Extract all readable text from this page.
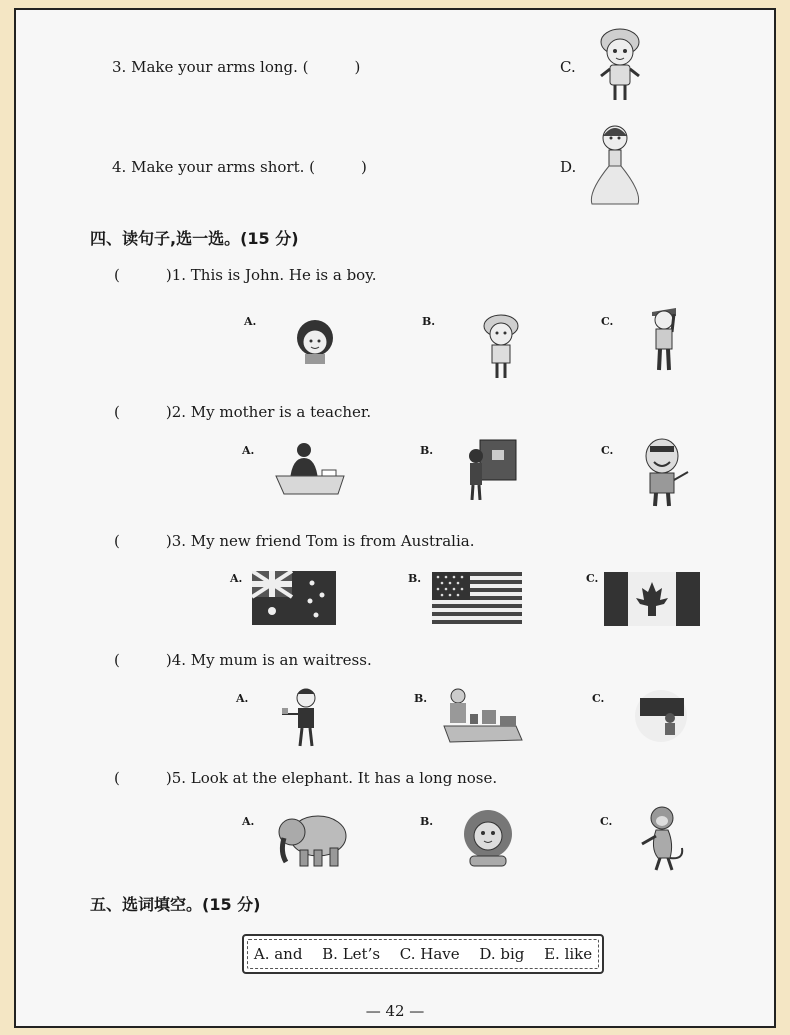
3. Make your arms long. (	)	C.
4. Make your arms short. (	)	D.
四、读句子,选一选。(15 分)
(	)1. This is John. He is a boy.
A.	B.	C.
(	)2. My mother is a teacher.
A.	B.	C.
(	)3. My new friend Tom is from Australia.
A.	B.	C.
(	)4. My mum is an waitress.
A.	B.	C.
(	)5. Look at the elephant. It has a long nose.
A.	B.	C.
五、选词填空。(15 分)
A. and B. Let’s C. Have D. big E. like
— 42 —
